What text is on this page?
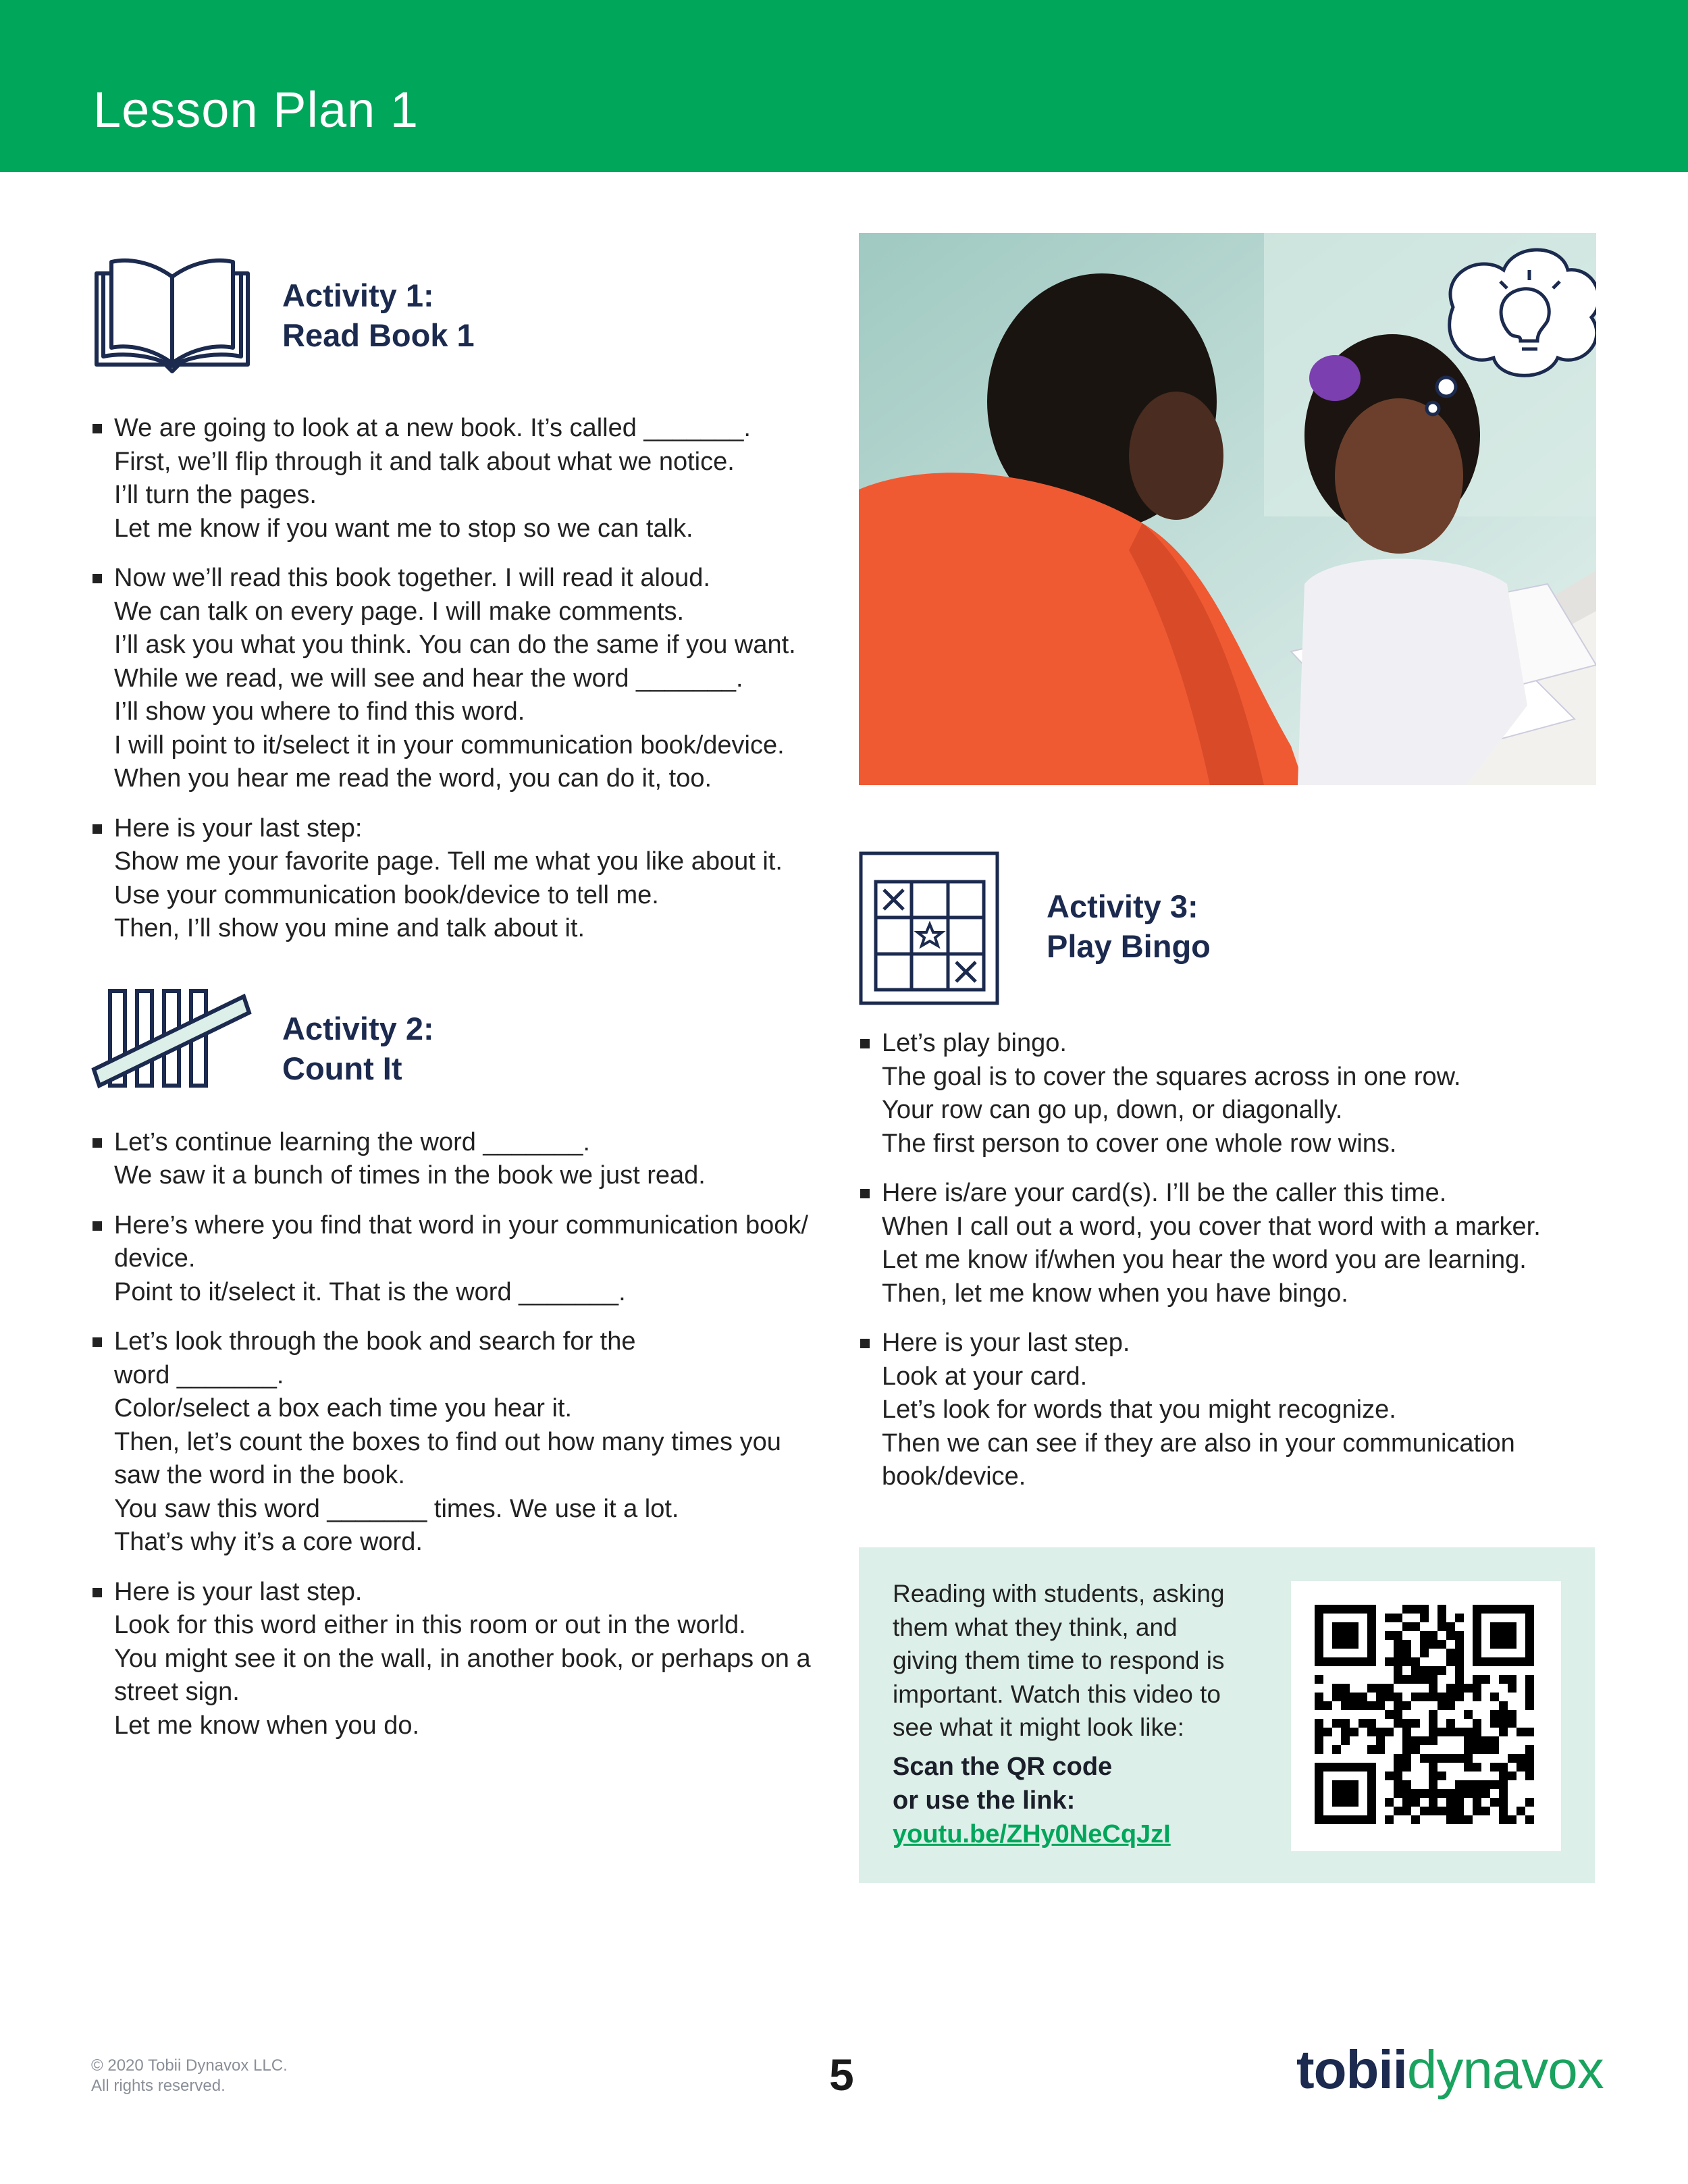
Lesson Plan 1
Activity 1:
Read Book 1
We are going to look at a new book. It’s called _______.
First, we’ll flip through it and talk about what we notice.
I’ll turn the pages.
Let me know if you want me to stop so we can talk.
Now we’ll read this book together. I will read it aloud.
We can talk on every page. I will make comments.
I’ll ask you what you think. You can do the same if you want.
While we read, we will see and hear the word _______.
I’ll show you where to find this word.
I will point to it/select it in your communication book/device.
When you hear me read the word, you can do it, too.
Here is your last step:
Show me your favorite page. Tell me what you like about it.
Use your communication book/device to tell me.
Then, I’ll show you mine and talk about it.
Activity 2:
Count It
Let’s continue learning the word _______.
We saw it a bunch of times in the book we just read.
Here’s where you find that word in your communication book/
device.
Point to it/select it. That is the word _______.
Let’s look through the book and search for the
word _______.
Color/select a box each time you hear it.
Then, let’s count the boxes to find out how many times you
saw the word in the book.
You saw this word _______ times. We use it a lot.
That’s why it’s a core word.
Here is your last step.
Look for this word either in this room or out in the world.
You might see it on the wall, in another book, or perhaps on a
street sign.
Let me know when you do.
Activity 3:
Play Bingo
Let’s play bingo.
The goal is to cover the squares across in one row.
Your row can go up, down, or diagonally.
The first person to cover one whole row wins.
Here is/are your card(s). I’ll be the caller this time.
When I call out a word, you cover that word with a marker.
Let me know if/when you hear the word you are learning.
Then, let me know when you have bingo.
Here is your last step.
Look at your card.
Let’s look for words that you might recognize.
Then we can see if they are also in your communication
book/device.
Reading with students, asking
them what they think, and
giving them time to respond is
important. Watch this video to
see what it might look like:
Scan the QR code
or use the link:
youtu.be/ZHy0NeCqJzI
© 2020 Tobii Dynavox LLC.
All rights reserved.	5	tobiidynavox
